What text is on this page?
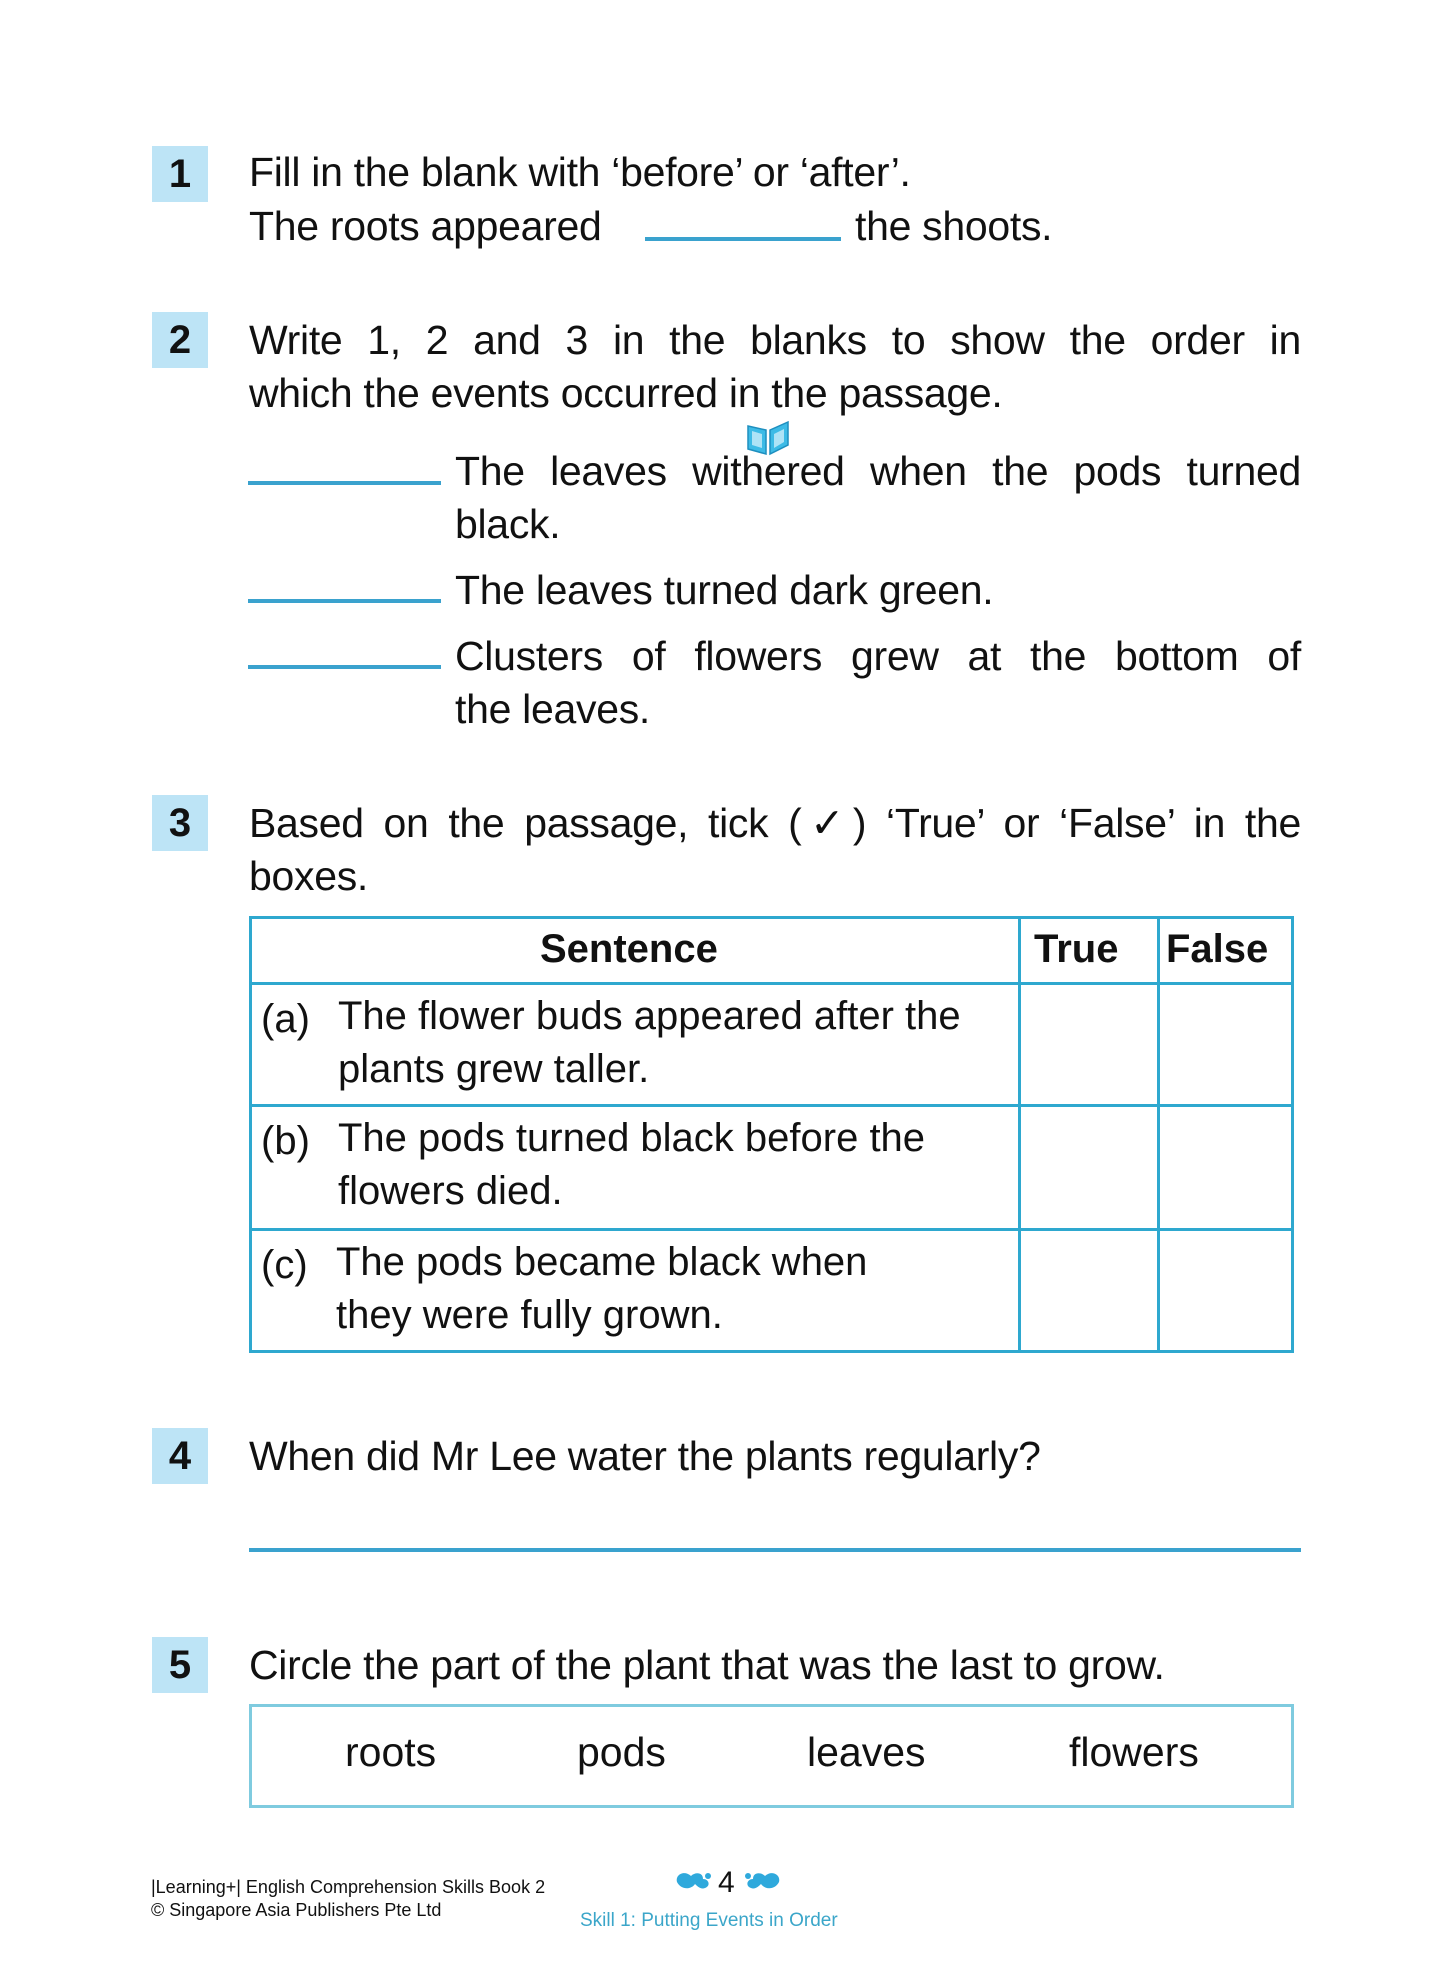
1	Fill in the blank with ‘before’ or ‘after’.
The roots appeared	the shoots.
2	Write 1, 2 and 3 in the blanks to show the order in
which the events occurred in the passage.
The leaves withered when the pods turned
black.
The leaves turned dark green.
Clusters of flowers grew at the bottom of
the leaves.
3	Based on the passage, tick (✓) ‘True’ or ‘False’ in the
boxes.
Sentence	True False
(a) The flower buds appeared after the
plants grew taller.
(b) The pods turned black before the
flowers died.
(c) The pods became black when
they were fully grown.
4	When did Mr Lee water the plants regularly?
5	Circle the part of the plant that was the last to grow.
roots	pods	leaves	flowers
|Learning+| English Comprehension Skills Book 2
© Singapore Asia Publishers Pte Ltd
4
Skill 1: Putting Events in Order
